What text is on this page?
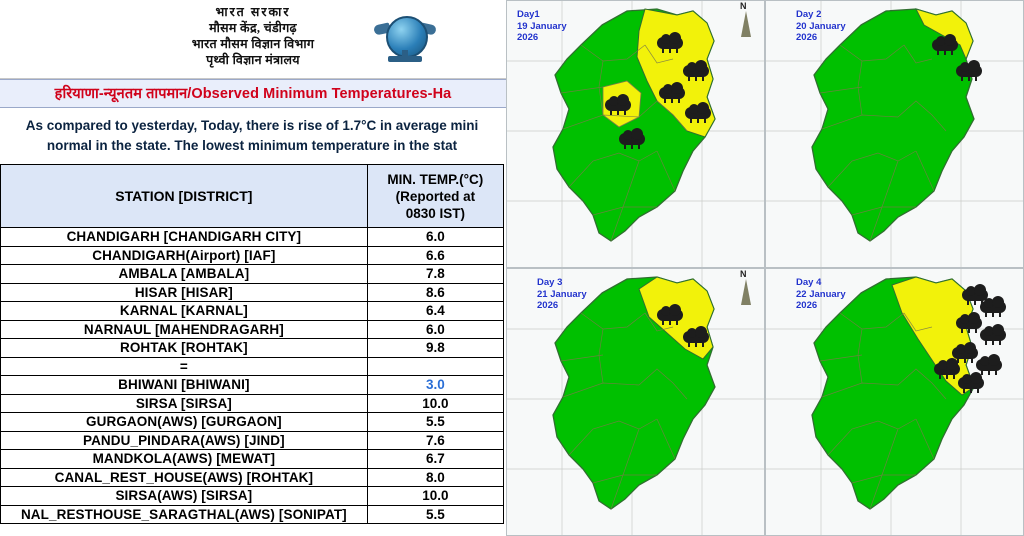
भारत सरकार
मौसम केंद्र, चंडीगढ़
भारत मौसम विज्ञान विभाग
पृथ्वी विज्ञान मंत्रालय
हरियाणा-न्यूनतम तापमान/Observed Minimum Temperatures-Ha
As compared to yesterday, Today, there is rise of 1.7°C in average mini
normal in the state. The lowest minimum temperature in the stat
STATION [DISTRICT]	MIN. TEMP.(°C)
(Reported at
0830 IST)

CHANDIGARH [CHANDIGARH CITY]	6.0
CHANDIGARH(Airport) [IAF]	6.6
AMBALA [AMBALA]	7.8
HISAR [HISAR]	8.6
KARNAL [KARNAL]	6.4
NARNAUL [MAHENDRAGARH]	6.0
ROHTAK [ROHTAK]	9.8
=	
BHIWANI [BHIWANI]	3.0
SIRSA [SIRSA]	10.0
GURGAON(AWS) [GURGAON]	5.5
PANDU_PINDARA(AWS) [JIND]	7.6
MANDKOLA(AWS) [MEWAT]	6.7
CANAL_REST_HOUSE(AWS) [ROHTAK]	8.0
SIRSA(AWS) [SIRSA]	10.0
NAL_RESTHOUSE_SARAGTHAL(AWS) [SONIPAT]	5.5
Day1
19 January
2026
N
Day 2
20 January
2026
Day 3
21 January
2026
N
Day 4
22 January
2026
